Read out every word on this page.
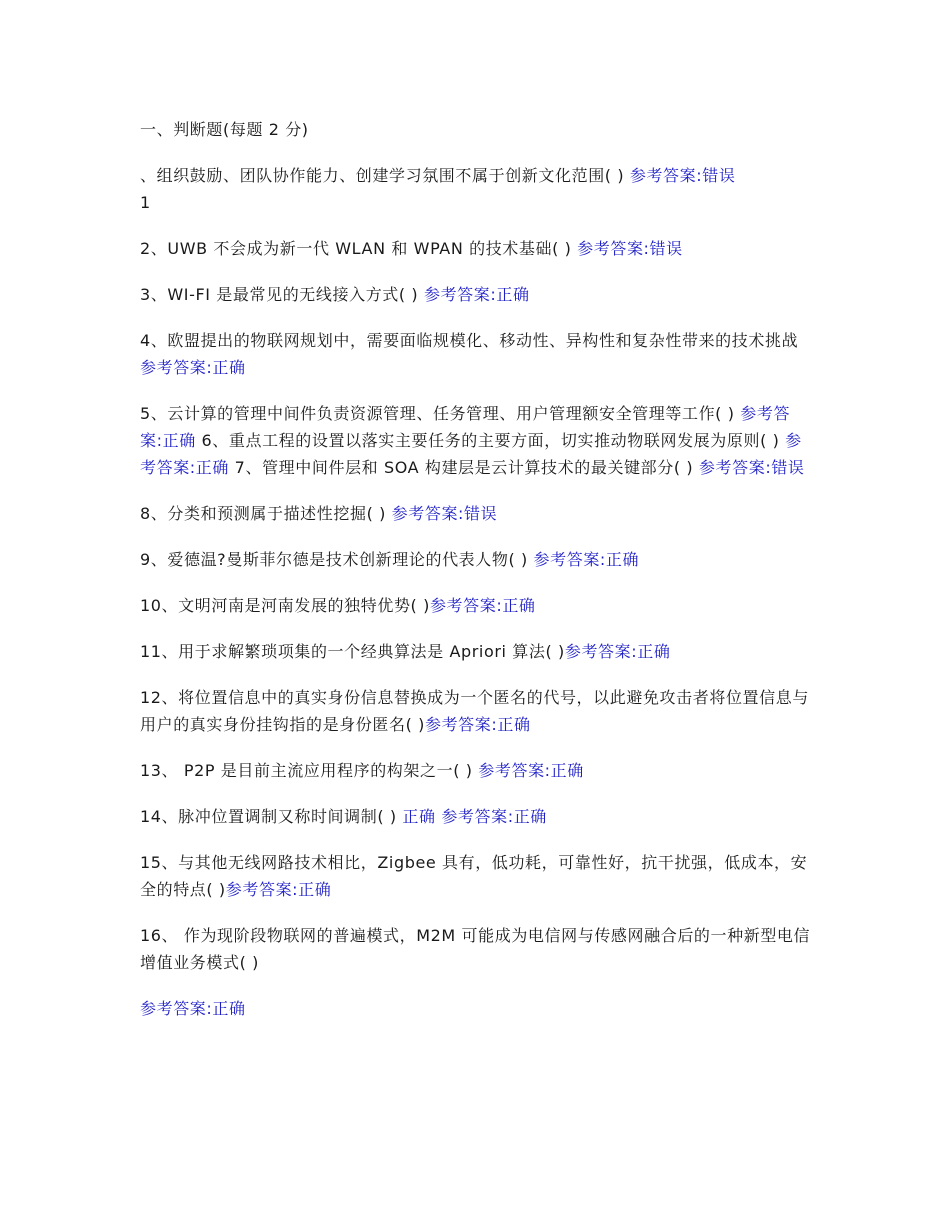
一、判断题(每题 2 分)
、组织鼓励、团队协作能力、创建学习氛围不属于创新文化范围( ) 参考答案:错误
1
2、UWB 不会成为新一代 WLAN 和 WPAN 的技术基础( ) 参考答案:错误
3、WI-FI 是最常见的无线接入方式( ) 参考答案:正确
4、欧盟提出的物联网规划中，需要面临规模化、移动性、异构性和复杂性带来的技术挑战 参考答案:正确
5、云计算的管理中间件负责资源管理、任务管理、用户管理额安全管理等工作( ) 参考答案:正确 6、重点工程的设置以落实主要任务的主要方面，切实推动物联网发展为原则( ) 参考答案:正确 7、管理中间件层和 SOA 构建层是云计算技术的最关键部分( ) 参考答案:错误
8、分类和预测属于描述性挖掘( ) 参考答案:错误
9、爱德温?曼斯菲尔德是技术创新理论的代表人物( ) 参考答案:正确
10、文明河南是河南发展的独特优势( )参考答案:正确
11、用于求解繁琐项集的一个经典算法是 Apriori 算法( )参考答案:正确
12、将位置信息中的真实身份信息替换成为一个匿名的代号，以此避免攻击者将位置信息与用户的真实身份挂钩指的是身份匿名( )参考答案:正确
13、 P2P 是目前主流应用程序的构架之一( ) 参考答案:正确
14、脉冲位置调制又称时间调制( ) 正确 参考答案:正确
15、与其他无线网路技术相比，Zigbee 具有，低功耗，可靠性好，抗干扰强，低成本，安全的特点( )参考答案:正确
16、 作为现阶段物联网的普遍模式，M2M 可能成为电信网与传感网融合后的一种新型电信增值业务模式( )
参考答案:正确
